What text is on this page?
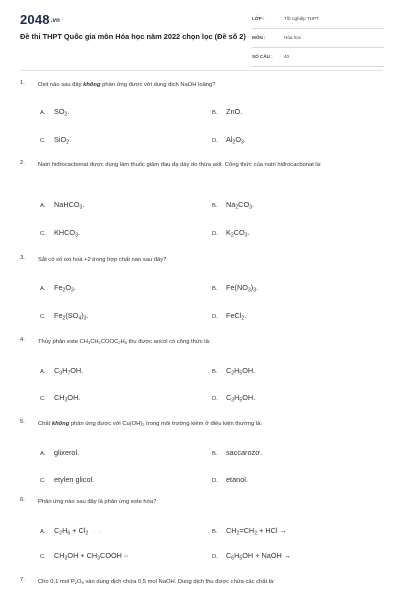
2048.vn
Đề thi THPT Quốc gia môn Hóa học năm 2022 chọn lọc (Đề số 2)
LỚP :	Tốt nghiệp THPT
MÔN :	Hóa học
SỐ CÂU : 40
1. Oxit nào sau đây không phản ứng được với dung dịch NaOH loãng?
A. $SO_2$.	B. ZnO.
C. SiO$_2$.	D. $Al_2O_3$.
2. Natri hiđrocacbonat được dùng làm thuốc giảm đau dạ dày do thừa axit. Công thức của natri hiđrocacbonat là:
A. NaHCO$_3$.	B. $Na_2CO_3$.
C. $KHCO_3$.	D. $K_2CO_3$.
3. Sắt có số oxi hoá +2 trong hợp chất nào sau đây?
A. $Fe_2O_3$.	B. $Fe(NO_3)_3$.
C. $Fe_2(SO_4)_3$.	D. FeCl$_2$.
4. Thủy phân este $CH_3CH_2COOC_2H_5$ thu được ancol có công thức là:
A. $C_3H_7OH$.	B. $C_2H_5OH$.
C. $CH_3OH$.	D. $C_3H_5OH$.
5. Chất không phản ứng được với $Cu(OH)_2$ trong môi trường kiềm ở điều kiện thường là:
A. glixerol.	B. saccarozơ.
C. etylen glicol.	D. etanol.
6. Phản ứng nào sau đây là phản ứng este hóa?
A. $C_2H_6 + Cl_2$ → →	B. $CH_2=CH_2$ + HCl →
C. $CH_3OH$ + $CH_3COOH$ ⇄	D. $C_6H_5OH$ + NaOH →
7. Cho 0,1 mol $P_2O_5$ vào dung dịch chứa 0,5 mol NaOH. Dung dịch thu được chứa các chất là:
